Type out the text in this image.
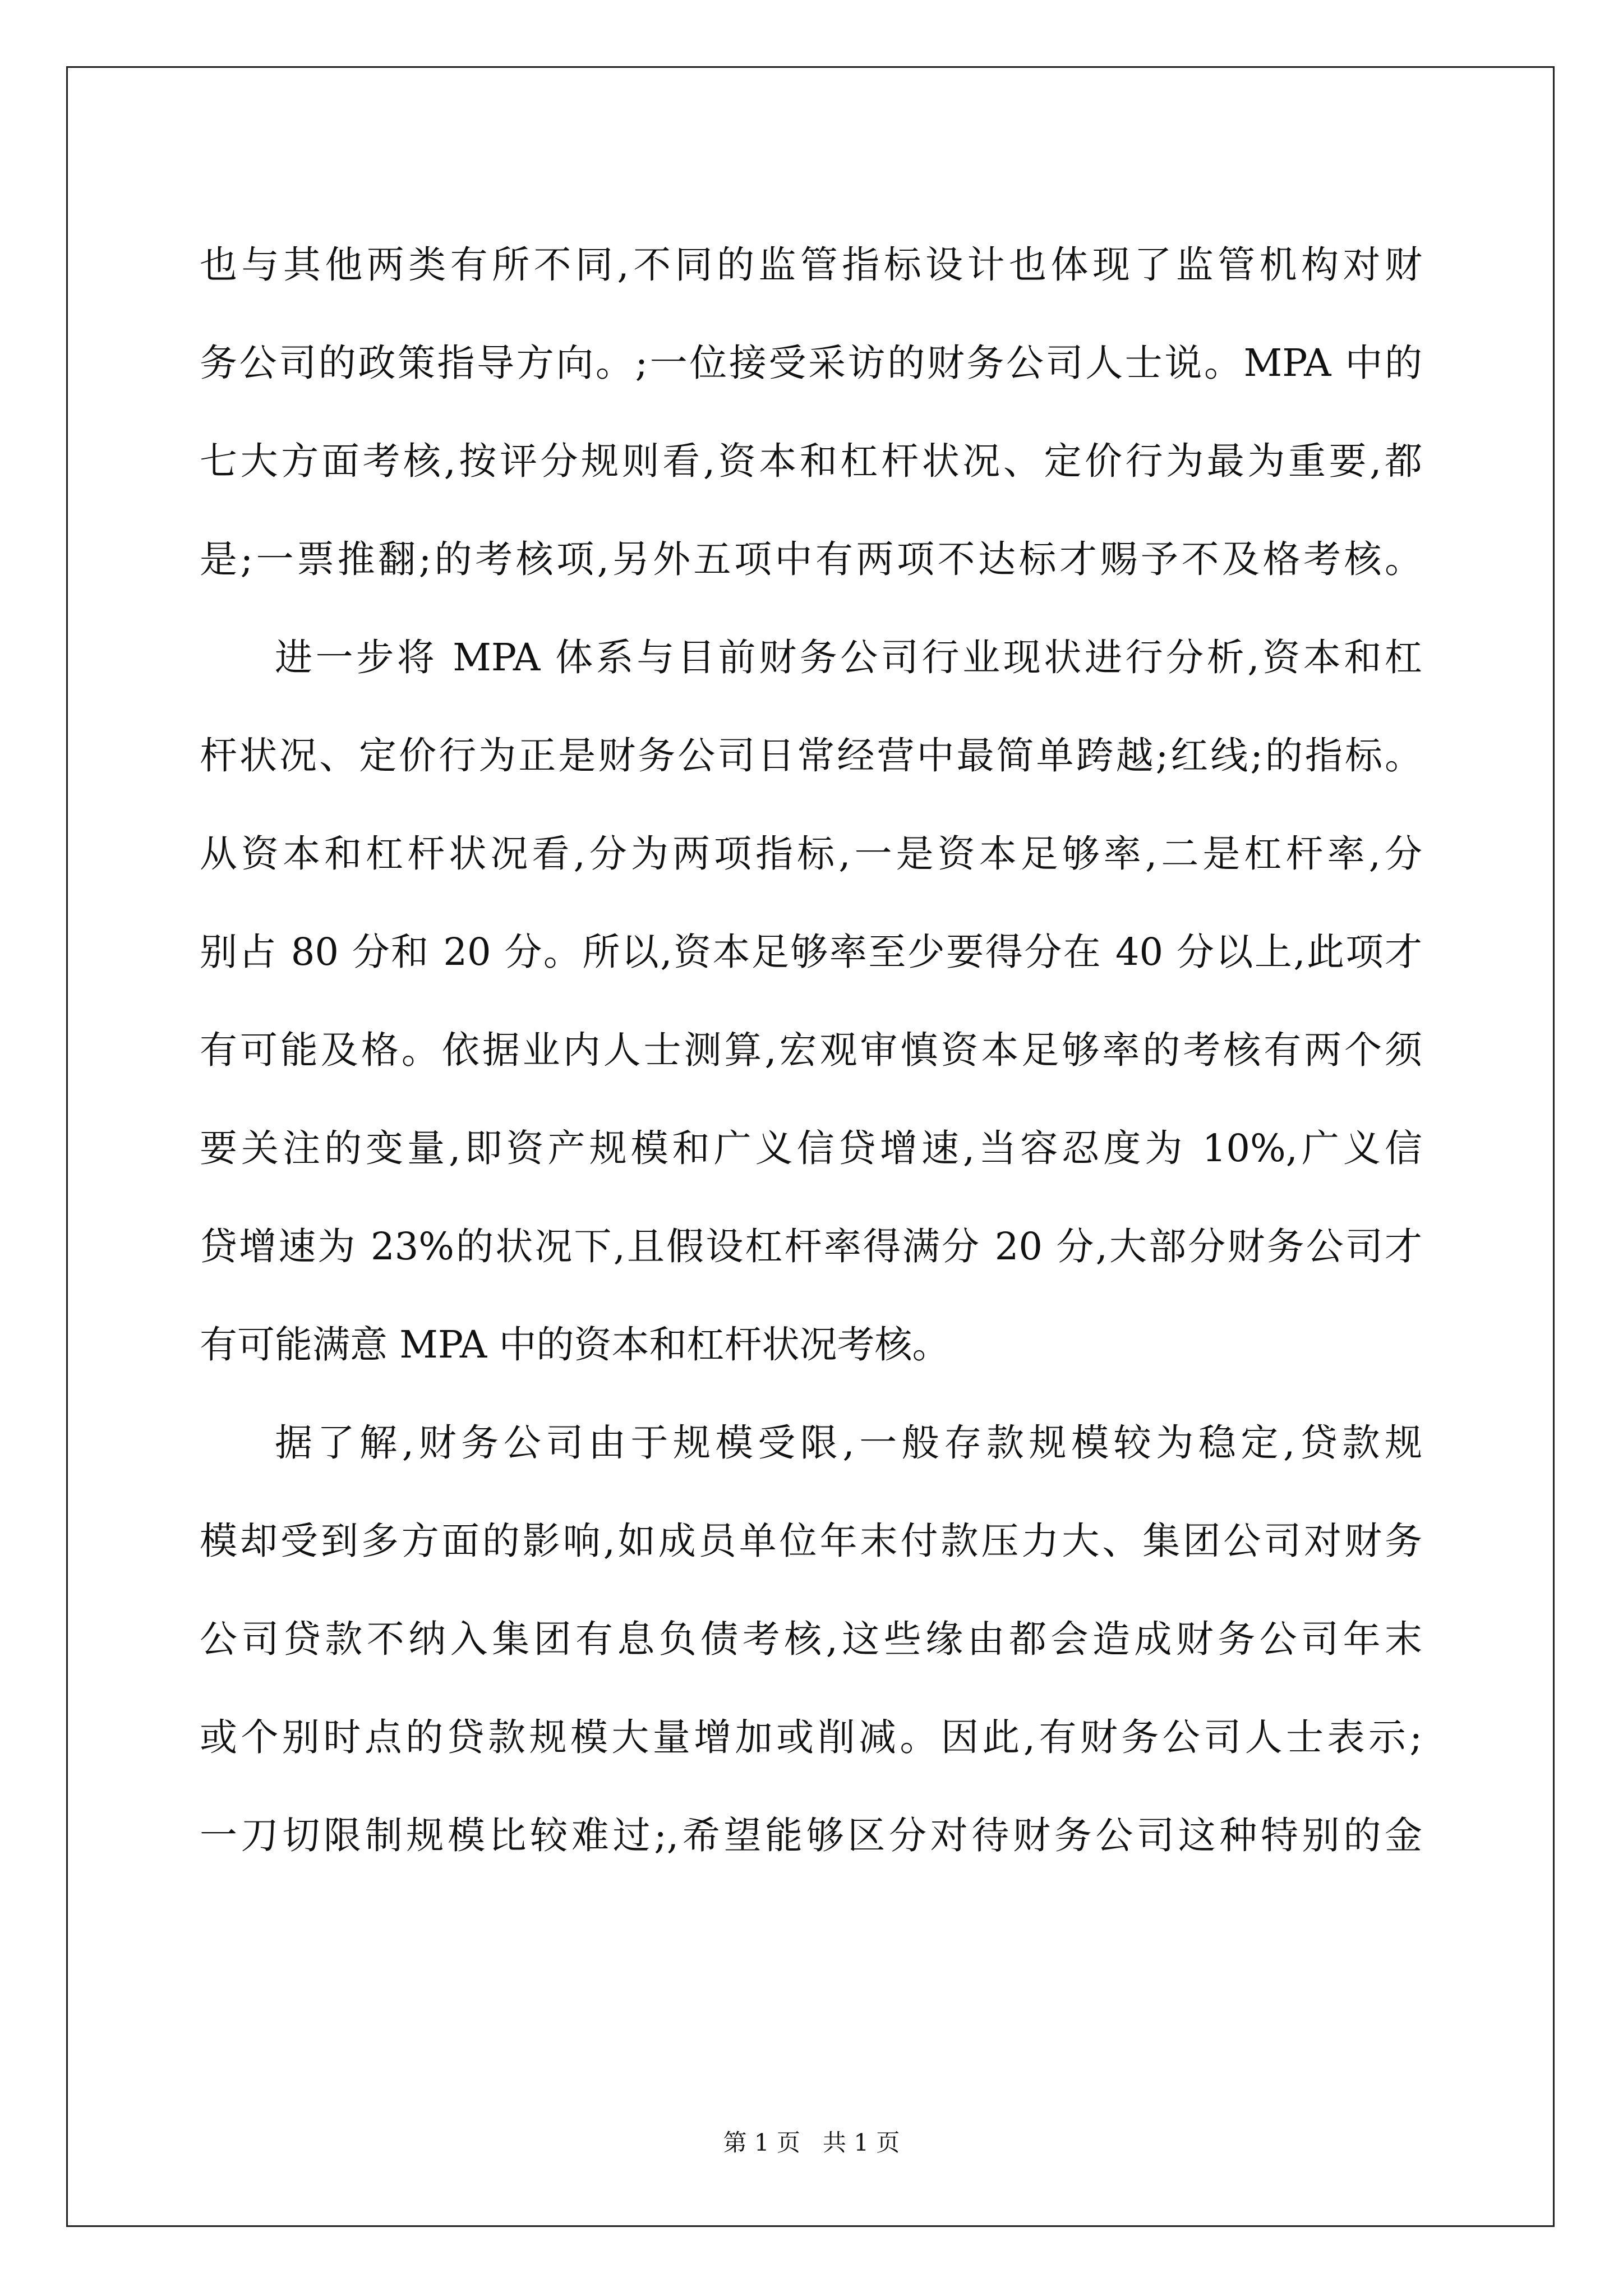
也与其他两类有所不同,不同的监管指标设计也体现了监管机构对财
务公司的政策指导方向。;一位接受采访的财务公司人士说。MPA 中的
七大方面考核,按评分规则看,资本和杠杆状况、定价行为最为重要,都
是;一票推翻;的考核项,另外五项中有两项不达标才赐予不及格考核。
进一步将 MPA 体系与目前财务公司行业现状进行分析,资本和杠
杆状况、定价行为正是财务公司日常经营中最简单跨越;红线;的指标。
从资本和杠杆状况看,分为两项指标,一是资本足够率,二是杠杆率,分
别占 80 分和 20 分。所以,资本足够率至少要得分在 40 分以上,此项才
有可能及格。依据业内人士测算,宏观审慎资本足够率的考核有两个须
要关注的变量,即资产规模和广义信贷增速,当容忍度为 10%,广义信
贷增速为 23%的状况下,且假设杠杆率得满分 20 分,大部分财务公司才
有可能满意 MPA 中的资本和杠杆状况考核。
据了解,财务公司由于规模受限,一般存款规模较为稳定,贷款规
模却受到多方面的影响,如成员单位年末付款压力大、集团公司对财务
公司贷款不纳入集团有息负债考核,这些缘由都会造成财务公司年末
或个别时点的贷款规模大量增加或削减。因此,有财务公司人士表示;
一刀切限制规模比较难过;,希望能够区分对待财务公司这种特别的金
第 1 页 共 1 页
